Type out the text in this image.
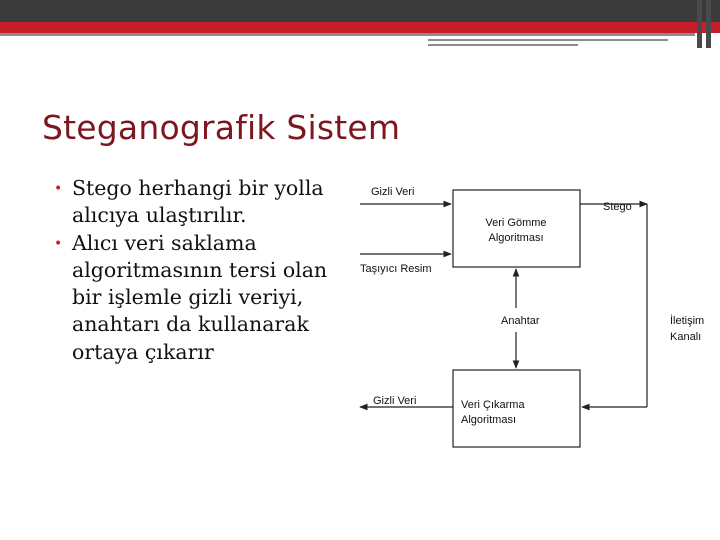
Steganografik Sistem
• Stego herhangi bir yolla alıcıya ulaştırılır.
• Alıcı veri saklama algoritmasının tersi olan bir işlemle gizli veriyi, anahtarı da kullanarak ortaya çıkarır
Veri Gömme
Algoritması
Veri Çıkarma
Algoritması
Gizli Veri
Taşıyıcı Resim
Stego
İletişim
Kanalı
Anahtar
Gizli Veri
